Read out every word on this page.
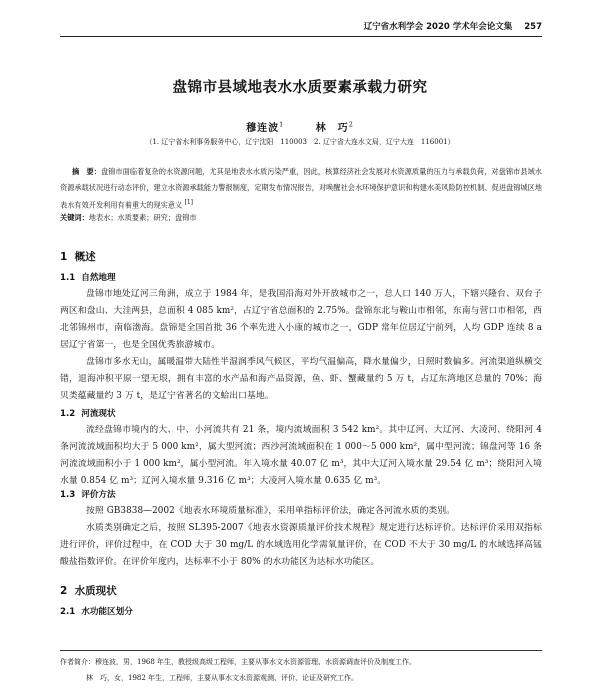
辽宁省水利学会 2020 学术年会论文集 257
盘锦市县域地表水水质要素承载力研究
穆连波$^1$	林　巧$^2$
（1. 辽宁省水利事务服务中心，辽宁沈阳　110003　2. 辽宁省大连水文局，辽宁大连　116001）
摘　要：盘锦市面临着复杂的水资源问题，尤其是地表水水质污染严重，因此，核算经济社会发展对水资源质量的压力与承载负荷，对盘锦市县域水资源承载状况进行动态评价，建立水资源承载能力警报制度，定期发布情况报告，对唤醒社会水环境保护意识和构建水美风险防控机制、促进盘锦城区地表水有效开发利用有着重大的现实意义 [1]
关键词：地表水；水质要素；研究；盘锦市
1 概述
1.1 自然地理
盘锦市地处辽河三角洲，成立于 1984 年，是我国沿海对外开放城市之一，总人口 140 万人，下辖兴隆台、双台子两区和盘山、大洼两县，总面积 4 085 km²，占辽宁省总面积的 2.75%。盘锦东北与鞍山市相邻，东南与营口市相邻，西北邻锦州市，南临渤海。盘锦是全国首批 36 个率先进入小康的城市之一，GDP 常年位居辽宁前列，人均 GDP 连续 8 a 居辽宁省第一，也是全国优秀旅游城市。
盘锦市多水无山，属暖温带大陆性半湿润季风气候区，平均气温偏高，降水量偏少，日照时数偏多。河流渠道纵横交错，退海冲积平原一望无垠，拥有丰富的水产品和海产品资源，鱼、虾、蟹藏量约 5 万 t，占辽东湾地区总量的 70%；海贝类蕴藏量约 3 万 t，是辽宁省著名的文蛤出口基地。
1.2 河流现状
流经盘锦市境内的大、中、小河流共有 21 条，境内流域面积 3 542 km²。其中辽河、大辽河、大凌河、绕阳河 4 条河流流域面积均大于 5 000 km²，属大型河流；西沙河流域面积在 1 000～5 000 km²，属中型河流；锦盘河等 16 条河流流域面积小于 1 000 km²，属小型河流。年入境水量 40.07 亿 m³，其中大辽河入境水量 29.54 亿 m³；绕阳河入境水量 0.854 亿 m³；辽河入境水量 9.316 亿 m³；大凌河入境水量 0.635 亿 m³。
1.3 评价方法
按照 GB3838—2002《地表水环境质量标准》，采用单指标评价法，确定各河流水质的类别。
水质类别确定之后，按照 SL395-2007《地表水资源质量评价技术规程》规定进行达标评价。达标评价采用双指标进行评价，评价过程中，在 COD 大于 30 mg/L 的水域选用化学需氧量评价，在 COD 不大于 30 mg/L 的水域选择高锰酸盐指数评价。在评价年度内，达标率不小于 80% 的水功能区为达标水功能区。
2 水质现状
2.1 水功能区划分
作者简介：穆连波，男，1968 年生，教授级高级工程师，主要从事水文水资源管理、水资源调查评价及制度工作。
林　巧，女，1982 年生，工程师，主要从事水文水资源观测、评价、论证及研究工作。
